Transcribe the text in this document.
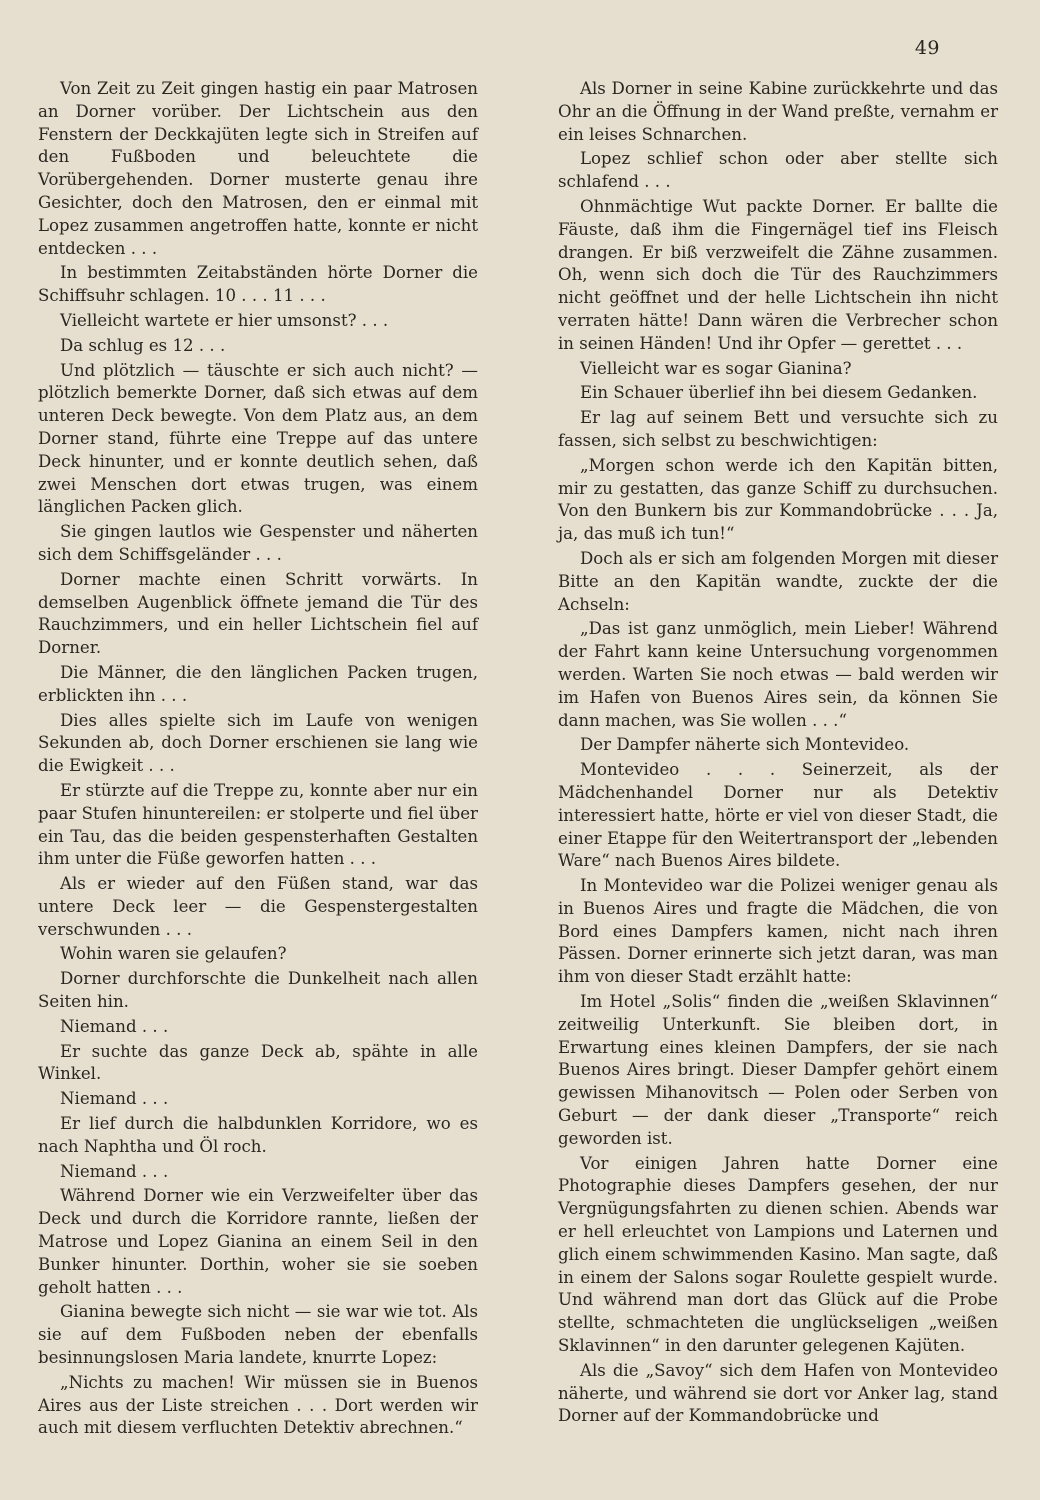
49

Von Zeit zu Zeit gingen hastig ein paar Matrosen an Dorner vorüber. Der Lichtschein aus den Fenstern der Deckkajüten legte sich in Streifen auf den Fußboden und beleuchtete die Vorübergehenden. Dorner musterte genau ihre Gesichter, doch den Matrosen, den er einmal mit Lopez zusammen angetroffen hatte, konnte er nicht entdecken . . .

In bestimmten Zeitabständen hörte Dorner die Schiffsuhr schlagen. 10 . . . 11 . . .

Vielleicht wartete er hier umsonst? . . .

Da schlug es 12 . . .

Und plötzlich — täuschte er sich auch nicht? — plötzlich bemerkte Dorner, daß sich etwas auf dem unteren Deck bewegte. Von dem Platz aus, an dem Dorner stand, führte eine Treppe auf das untere Deck hinunter, und er konnte deutlich sehen, daß zwei Menschen dort etwas trugen, was einem länglichen Packen glich.

Sie gingen lautlos wie Gespenster und näherten sich dem Schiffsgeländer . . .

Dorner machte einen Schritt vorwärts. In demselben Augenblick öffnete jemand die Tür des Rauchzimmers, und ein heller Lichtschein fiel auf Dorner.

Die Männer, die den länglichen Packen trugen, erblickten ihn . . .

Dies alles spielte sich im Laufe von wenigen Sekunden ab, doch Dorner erschienen sie lang wie die Ewigkeit . . .

Er stürzte auf die Treppe zu, konnte aber nur ein paar Stufen hinuntereilen: er stolperte und fiel über ein Tau, das die beiden gespensterhaften Gestalten ihm unter die Füße geworfen hatten . . .

Als er wieder auf den Füßen stand, war das untere Deck leer — die Gespenstergestalten verschwunden . . .

Wohin waren sie gelaufen?

Dorner durchforschte die Dunkelheit nach allen Seiten hin.

Niemand . . .

Er suchte das ganze Deck ab, spähte in alle Winkel.

Niemand . . .

Er lief durch die halbdunklen Korridore, wo es nach Naphtha und Öl roch.

Niemand . . .

Während Dorner wie ein Verzweifelter über das Deck und durch die Korridore rannte, ließen der Matrose und Lopez Gianina an einem Seil in den Bunker hinunter. Dorthin, woher sie sie soeben geholt hatten . . .

Gianina bewegte sich nicht — sie war wie tot. Als sie auf dem Fußboden neben der ebenfalls besinnungslosen Maria landete, knurrte Lopez:

„Nichts zu machen! Wir müssen sie in Buenos Aires aus der Liste streichen . . . Dort werden wir auch mit diesem verfluchten Detektiv abrechnen.“

Als Dorner in seine Kabine zurückkehrte und das Ohr an die Öffnung in der Wand preßte, vernahm er ein leises Schnarchen.

Lopez schlief schon oder aber stellte sich schlafend . . .

Ohnmächtige Wut packte Dorner. Er ballte die Fäuste, daß ihm die Fingernägel tief ins Fleisch drangen. Er biß verzweifelt die Zähne zusammen. Oh, wenn sich doch die Tür des Rauchzimmers nicht geöffnet und der helle Lichtschein ihn nicht verraten hätte! Dann wären die Verbrecher schon in seinen Händen! Und ihr Opfer — gerettet . . .

Vielleicht war es sogar Gianina?

Ein Schauer überlief ihn bei diesem Gedanken.

Er lag auf seinem Bett und versuchte sich zu fassen, sich selbst zu beschwichtigen:

„Morgen schon werde ich den Kapitän bitten, mir zu gestatten, das ganze Schiff zu durchsuchen. Von den Bunkern bis zur Kommandobrücke . . . Ja, ja, das muß ich tun!“

Doch als er sich am folgenden Morgen mit dieser Bitte an den Kapitän wandte, zuckte der die Achseln:

„Das ist ganz unmöglich, mein Lieber! Während der Fahrt kann keine Untersuchung vorgenommen werden. Warten Sie noch etwas — bald werden wir im Hafen von Buenos Aires sein, da können Sie dann machen, was Sie wollen . . .“

Der Dampfer näherte sich Montevideo.

Montevideo . . . Seinerzeit, als der Mädchenhandel Dorner nur als Detektiv interessiert hatte, hörte er viel von dieser Stadt, die einer Etappe für den Weitertransport der „lebenden Ware“ nach Buenos Aires bildete.

In Montevideo war die Polizei weniger genau als in Buenos Aires und fragte die Mädchen, die von Bord eines Dampfers kamen, nicht nach ihren Pässen. Dorner erinnerte sich jetzt daran, was man ihm von dieser Stadt erzählt hatte:

Im Hotel „Solis“ finden die „weißen Sklavinnen“ zeitweilig Unterkunft. Sie bleiben dort, in Erwartung eines kleinen Dampfers, der sie nach Buenos Aires bringt. Dieser Dampfer gehört einem gewissen Mihanovitsch — Polen oder Serben von Geburt — der dank dieser „Transporte“ reich geworden ist.

Vor einigen Jahren hatte Dorner eine Photographie dieses Dampfers gesehen, der nur Vergnügungsfahrten zu dienen schien. Abends war er hell erleuchtet von Lampions und Laternen und glich einem schwimmenden Kasino. Man sagte, daß in einem der Salons sogar Roulette gespielt wurde. Und während man dort das Glück auf die Probe stellte, schmachteten die unglückseligen „weißen Sklavinnen“ in den darunter gelegenen Kajüten.

Als die „Savoy“ sich dem Hafen von Montevideo näherte, und während sie dort vor Anker lag, stand Dorner auf der Kommandobrücke und
